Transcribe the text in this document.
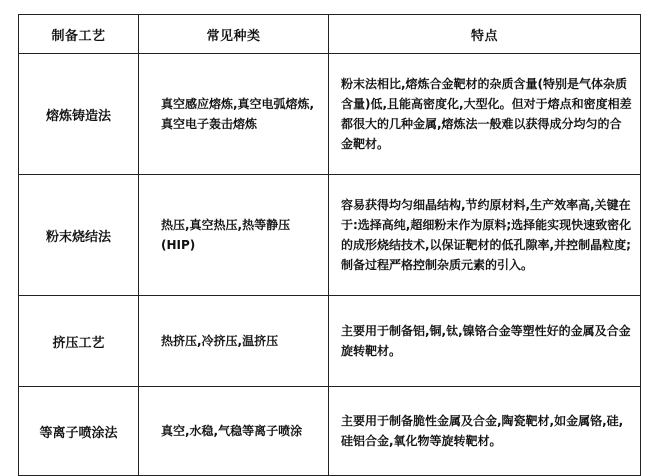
制备工艺	常见种类	特点
熔炼铸造法	真空感应熔炼,真空电弧熔炼,真空电子轰击熔炼	粉末法相比,熔炼合金靶材的杂质含量(特别是气体杂质含量)低,且能高密度化,大型化。但对于熔点和密度相差都很大的几种金属,熔炼法一般难以获得成分均匀的合金靶材。
粉末烧结法	热压,真空热压,热等静压(HIP)	容易获得均匀细晶结构,节约原材料,生产效率高,关键在于:选择高纯,超细粉末作为原料;选择能实现快速致密化的成形烧结技术,以保证靶材的低孔隙率,并控制晶粒度;制备过程严格控制杂质元素的引入。
挤压工艺	热挤压,冷挤压,温挤压	主要用于制备铝,铜,钛,镍铬合金等塑性好的金属及合金旋转靶材。
等离子喷涂法	真空,水稳,气稳等离子喷涂	主要用于制备脆性金属及合金,陶瓷靶材,如金属铬,硅,硅铝合金,氧化物等旋转靶材。
